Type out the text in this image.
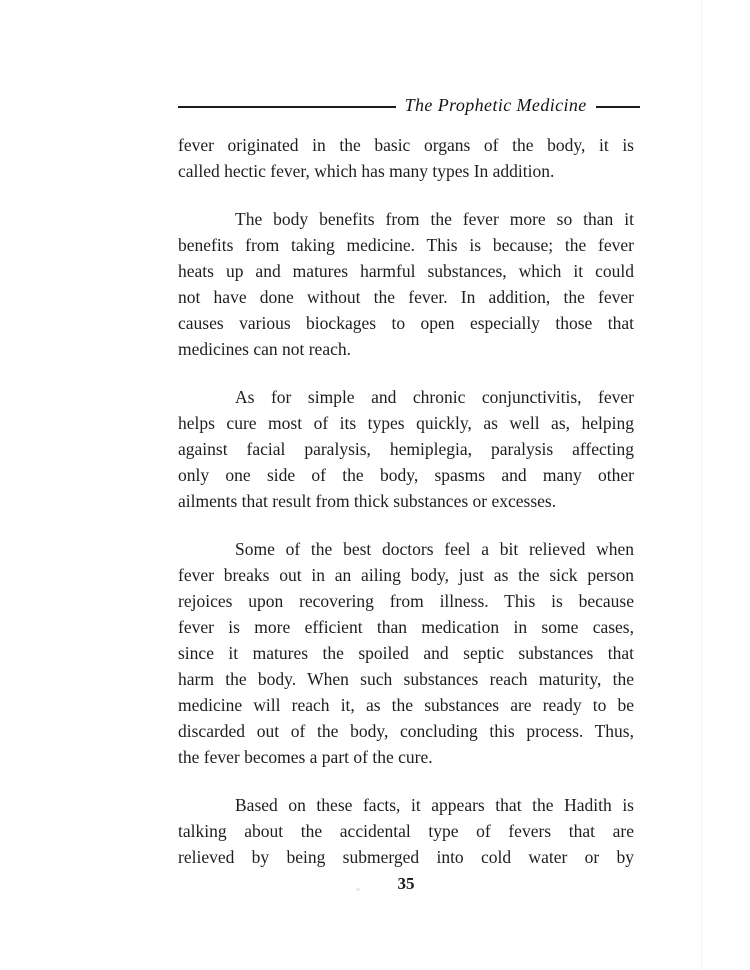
The Prophetic Medicine
fever originated in the basic organs of the body, it is
called hectic fever, which has many types In addition.
The body benefits from the fever more so than it
benefits from taking medicine. This is because; the fever
heats up and matures harmful substances, which it could
not have done without the fever. In addition, the fever
causes various biockages to open especially those that
medicines can not reach.
As for simple and chronic conjunctivitis, fever
helps cure most of its types quickly, as well as, helping
against facial paralysis, hemiplegia, paralysis affecting
only one side of the body, spasms and many other
ailments that result from thick substances or excesses.
Some of the best doctors feel a bit relieved when
fever breaks out in an ailing body, just as the sick person
rejoices upon recovering from illness. This is because
fever is more efficient than medication in some cases,
since it matures the spoiled and septic substances that
harm the body. When such substances reach maturity, the
medicine will reach it, as the substances are ready to be
discarded out of the body, concluding this process. Thus,
the fever becomes a part of the cure.
Based on these facts, it appears that the Hadith is
talking about the accidental type of fevers that are
relieved by being submerged into cold water or by
35
